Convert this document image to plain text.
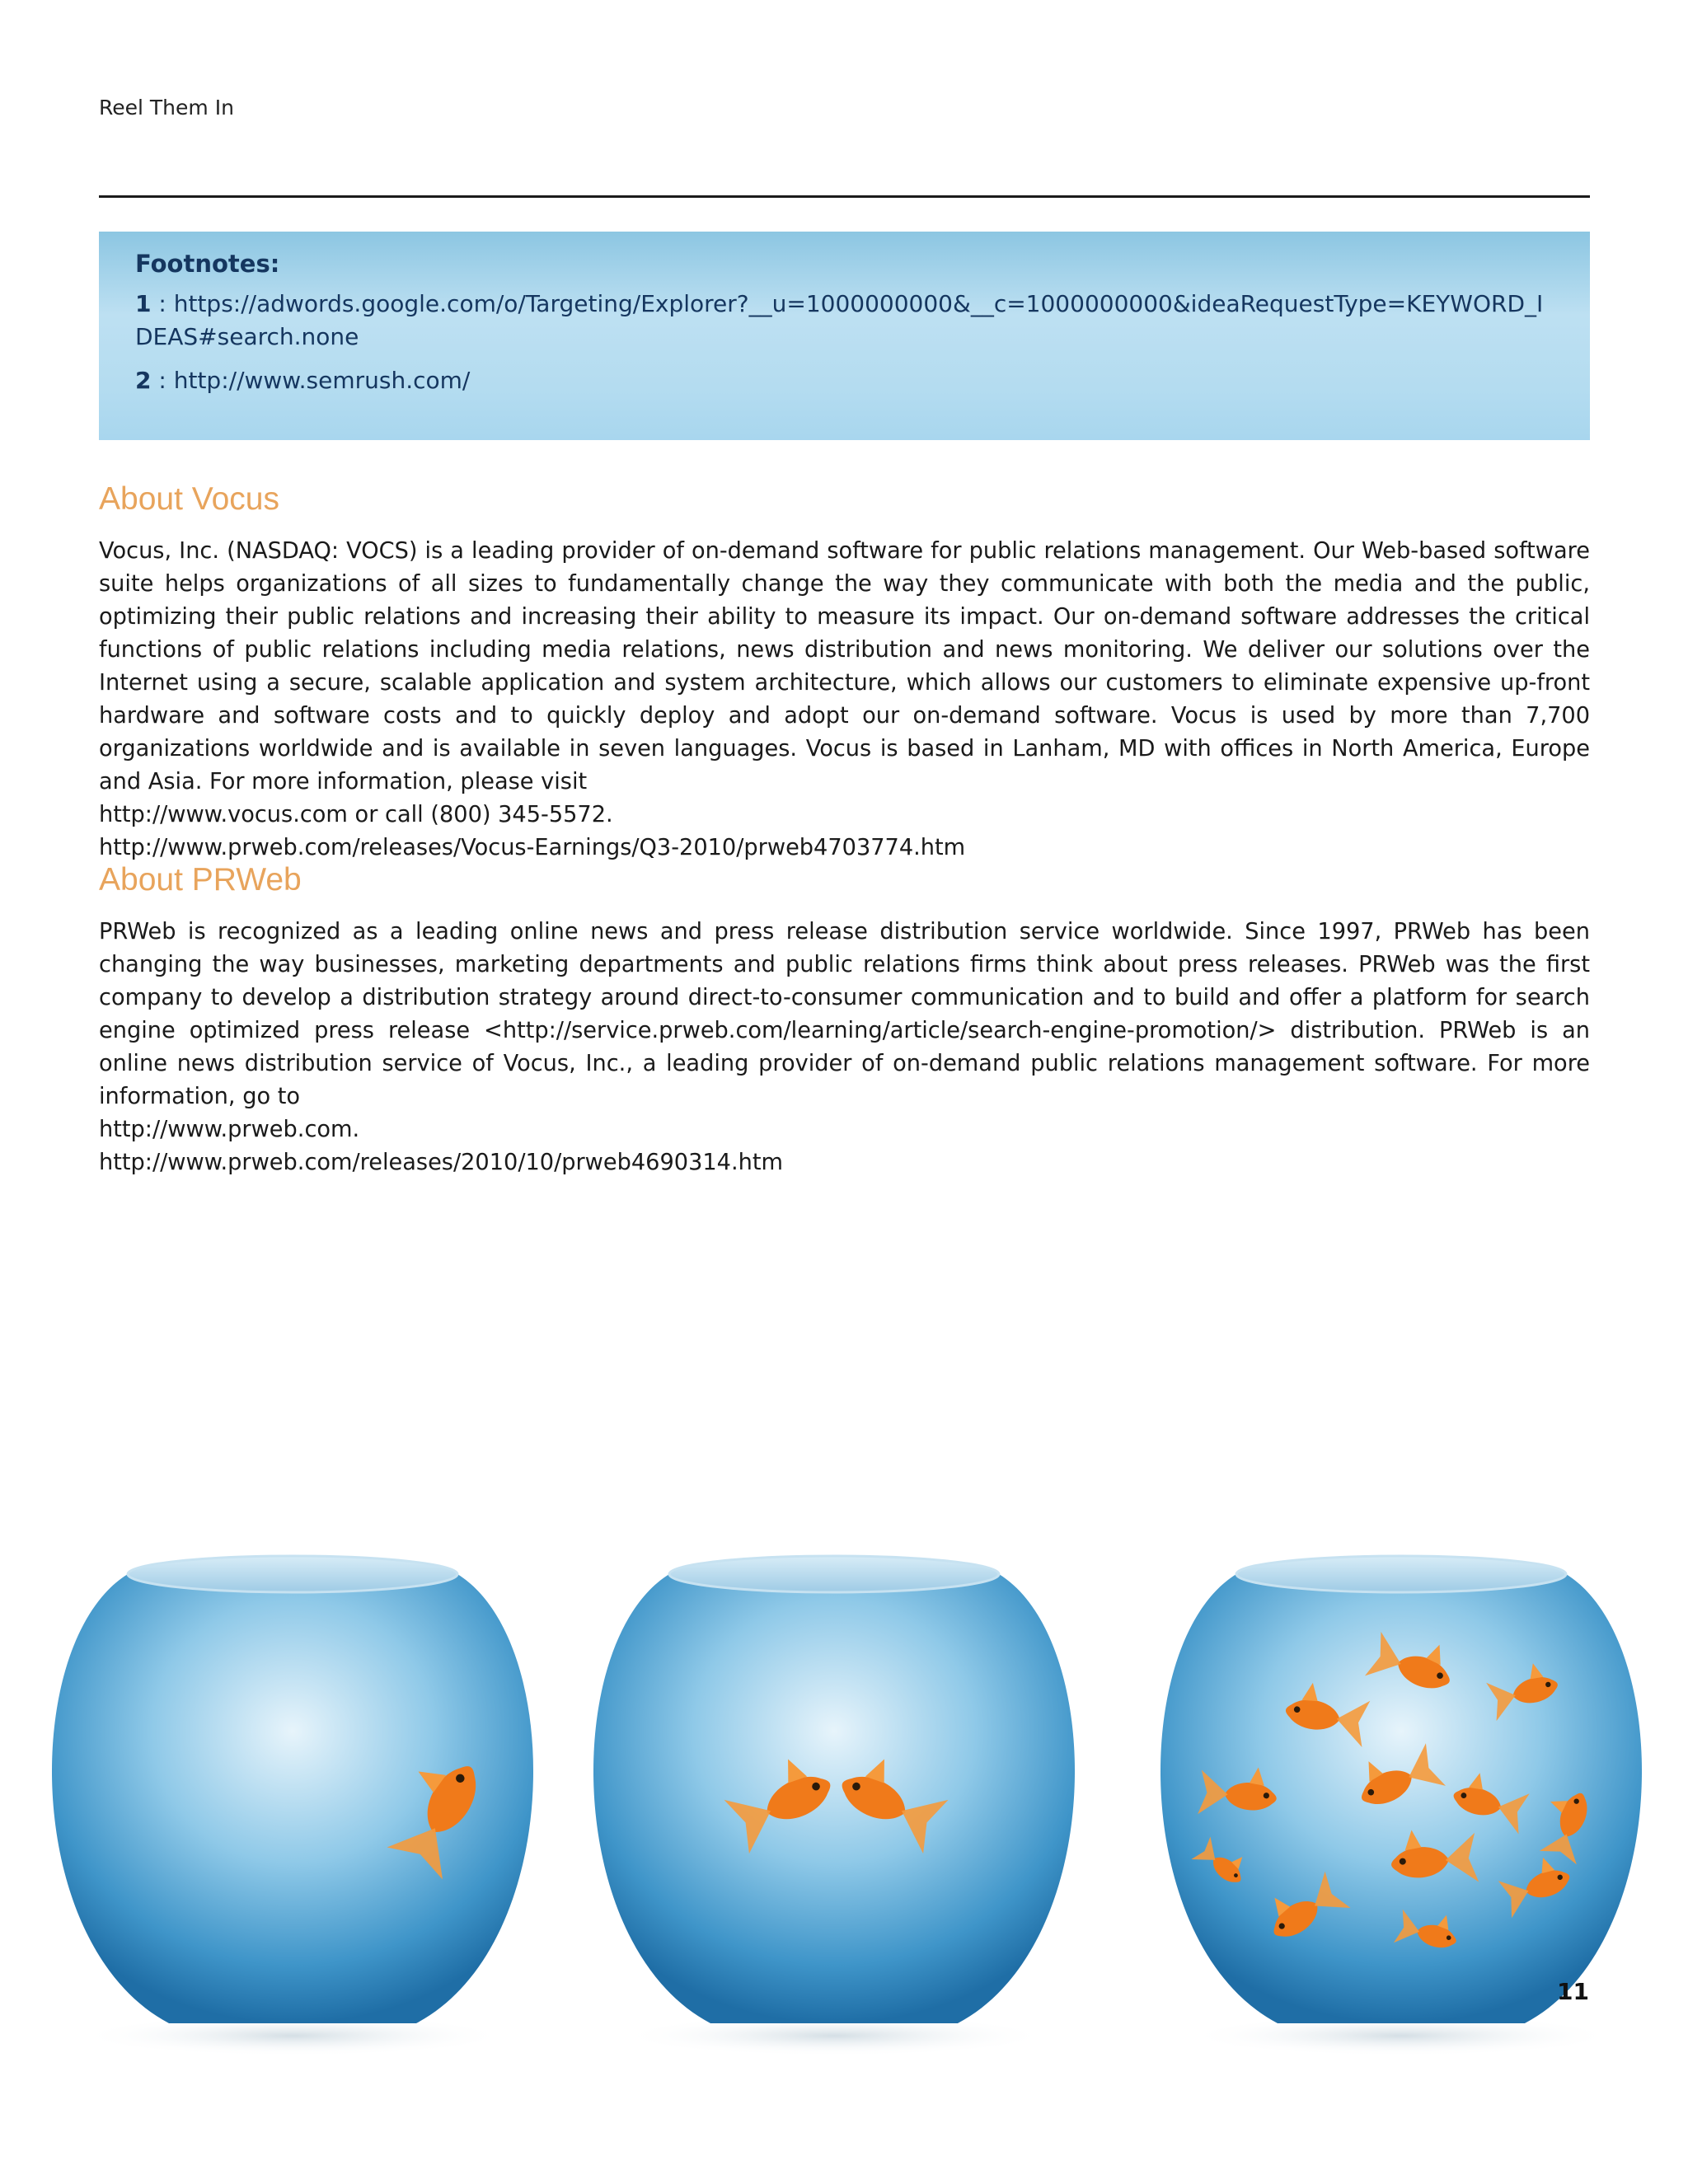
Reel Them In
Footnotes:
1 : https://adwords.google.com/o/Targeting/Explorer?__u=1000000000&__c=1000000000&ideaRequestType=KEYWORD_IDEAS#search.none
2 : http://www.semrush.com/
About Vocus
Vocus, Inc. (NASDAQ: VOCS) is a leading provider of on-demand software for public relations management. Our Web-based software suite helps organizations of all sizes to fundamentally change the way they communicate with both the media and the public, optimizing their public relations and increasing their ability to measure its impact. Our on-demand software addresses the critical functions of public relations including media relations, news distribution and news monitoring. We deliver our solutions over the Internet using a secure, scalable application and system architecture, which allows our customers to eliminate expensive up-front hardware and software costs and to quickly deploy and adopt our on-demand software. Vocus is used by more than 7,700 organizations worldwide and is available in seven languages. Vocus is based in Lanham, MD with offices in North America, Europe and Asia. For more information, please visit
http://www.vocus.com or call (800) 345-5572.
http://www.prweb.com/releases/Vocus-Earnings/Q3-2010/prweb4703774.htm
About PRWeb
PRWeb is recognized as a leading online news and press release distribution service worldwide. Since 1997, PRWeb has been changing the way businesses, marketing departments and public relations firms think about press releases. PRWeb was the first company to develop a distribution strategy around direct-to-consumer communication and to build and offer a platform for search engine optimized press release <http://service.prweb.com/learning/article/search-engine-promotion/> distribution. PRWeb is an online news distribution service of Vocus, Inc., a leading provider of on-demand public relations management software. For more information, go to
http://www.prweb.com.
http://www.prweb.com/releases/2010/10/prweb4690314.htm
11
